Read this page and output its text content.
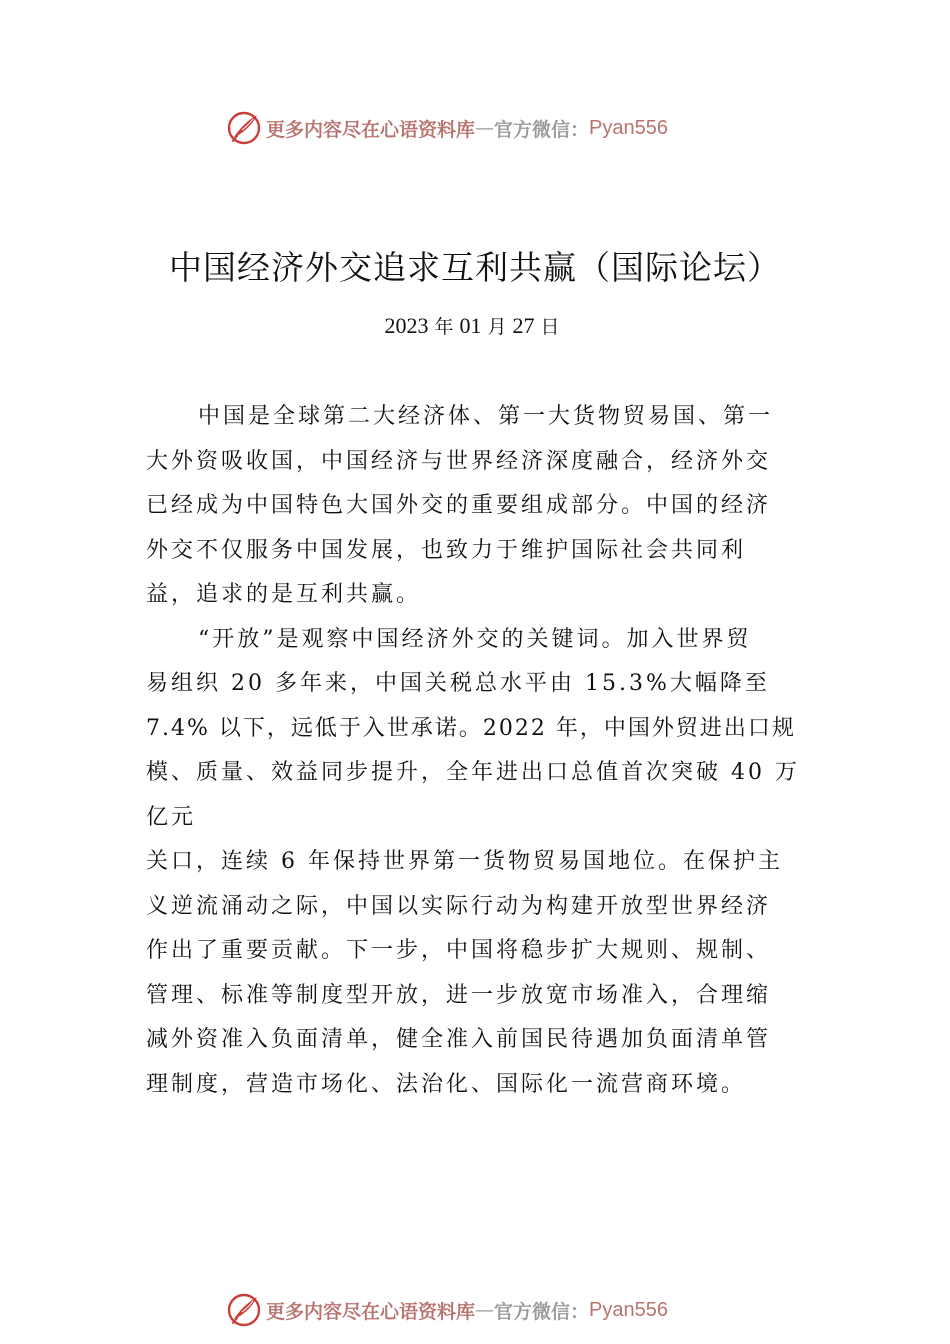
更多内容尽在心语资料库 — 官方微信： Pyan556
中国经济外交追求互利共赢（国际论坛）
2023 年 01 月 27 日
中国是全球第二大经济体、第一大货物贸易国、第一
大外资吸收国，中国经济与世界经济深度融合，经济外交
已经成为中国特色大国外交的重要组成部分。中国的经济
外交不仅服务中国发展，也致力于维护国际社会共同利
益，追求的是互利共赢。
“开放”是观察中国经济外交的关键词。加入世界贸
易组织 20 多年来，中国关税总水平由 15.3%大幅降至
7.4% 以下，远低于入世承诺。2022 年，中国外贸进出口规
模、质量、效益同步提升，全年进出口总值首次突破 40 万
亿元
关口，连续 6 年保持世界第一货物贸易国地位。在保护主
义逆流涌动之际，中国以实际行动为构建开放型世界经济
作出了重要贡献。下一步，中国将稳步扩大规则、规制、
管理、标准等制度型开放，进一步放宽市场准入，合理缩
减外资准入负面清单，健全准入前国民待遇加负面清单管
理制度，营造市场化、法治化、国际化一流营商环境。
更多内容尽在心语资料库 — 官方微信： Pyan556
